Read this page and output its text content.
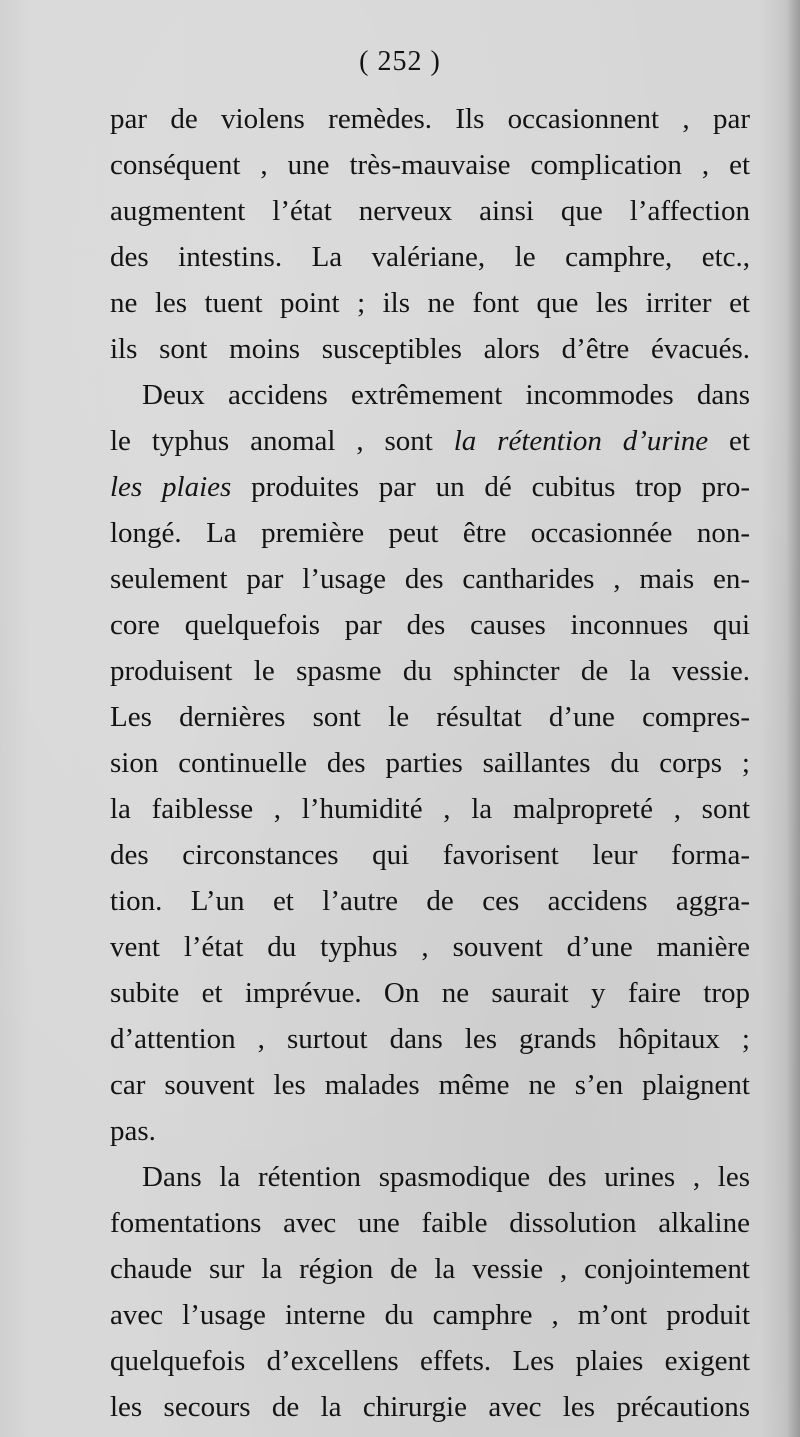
( 252 )
par de violens remèdes. Ils occasionnent , par
conséquent , une très-mauvaise complication , et
augmentent l’état nerveux ainsi que l’affection
des intestins. La valériane, le camphre, etc.,
ne les tuent point ; ils ne font que les irriter et
ils sont moins susceptibles alors d’être évacués.
Deux accidens extrêmement incommodes dans
le typhus anomal , sont la rétention d’urine et
les plaies produites par un dé cubitus trop pro-
longé. La première peut être occasionnée non-
seulement par l’usage des cantharides , mais en-
core quelquefois par des causes inconnues qui
produisent le spasme du sphincter de la vessie.
Les dernières sont le résultat d’une compres-
sion continuelle des parties saillantes du corps ;
la faiblesse , l’humidité , la malpropreté , sont
des circonstances qui favorisent leur forma-
tion. L’un et l’autre de ces accidens aggra-
vent l’état du typhus , souvent d’une manière
subite et imprévue. On ne saurait y faire trop
d’attention , surtout dans les grands hôpitaux ;
car souvent les malades même ne s’en plaignent
pas.
Dans la rétention spasmodique des urines , les
fomentations avec une faible dissolution alkaline
chaude sur la région de la vessie , conjointement
avec l’usage interne du camphre , m’ont produit
quelquefois d’excellens effets. Les plaies exigent
les secours de la chirurgie avec les précautions
